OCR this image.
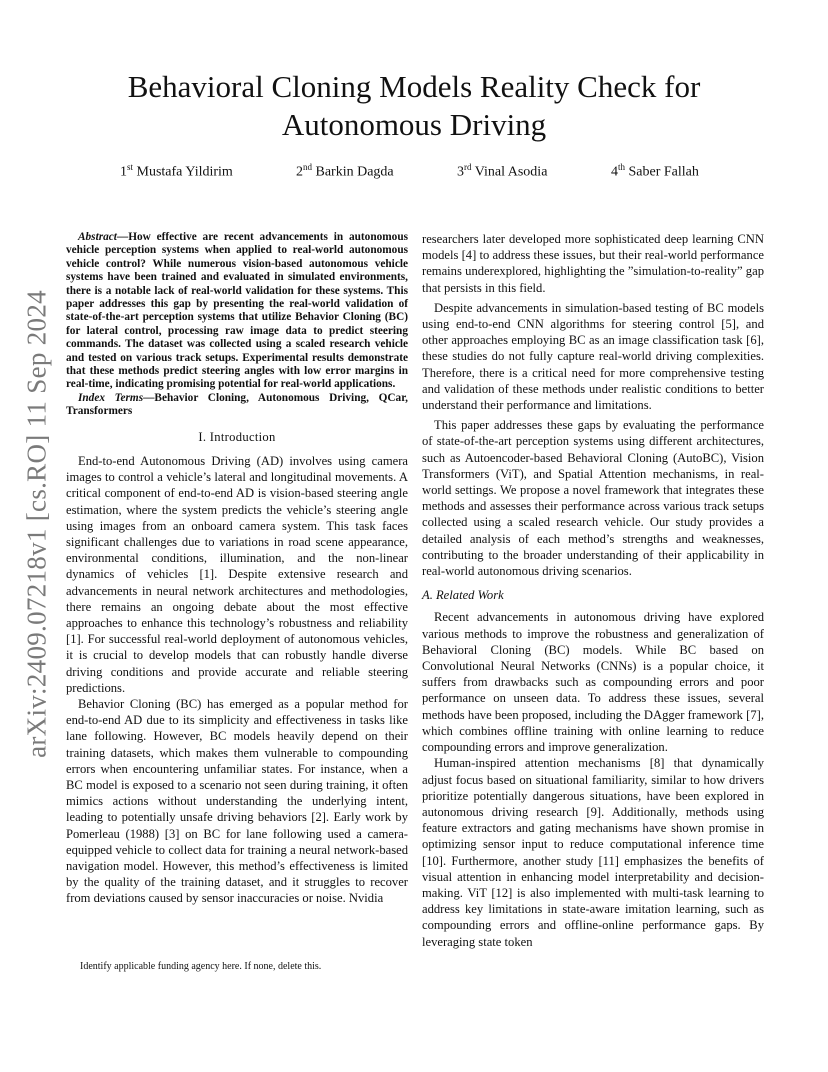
arXiv:2409.07218v1 [cs.RO] 11 Sep 2024
Behavioral Cloning Models Reality Check for Autonomous Driving
1st Mustafa Yildirim	2nd Barkin Dagda	3rd Vinal Asodia	4th Saber Fallah

Abstract—How effective are recent advancements in autonomous vehicle perception systems when applied to real-world autonomous vehicle control? While numerous vision-based autonomous vehicle systems have been trained and evaluated in simulated environments, there is a notable lack of real-world validation for these systems. This paper addresses this gap by presenting the real-world validation of state-of-the-art perception systems that utilize Behavior Cloning (BC) for lateral control, processing raw image data to predict steering commands. The dataset was collected using a scaled research vehicle and tested on various track setups. Experimental results demonstrate that these methods predict steering angles with low error margins in real-time, indicating promising potential for real-world applications.

Index Terms—Behavior Cloning, Autonomous Driving, QCar, Transformers

I. Introduction

End-to-end Autonomous Driving (AD) involves using camera images to control a vehicle’s lateral and longitudinal movements. A critical component of end-to-end AD is vision-based steering angle estimation, where the system predicts the vehicle’s steering angle using images from an onboard camera system. This task faces significant challenges due to variations in road scene appearance, environmental conditions, illumination, and the non-linear dynamics of vehicles [1]. Despite extensive research and advancements in neural network architectures and methodologies, there remains an ongoing debate about the most effective approaches to enhance this technology’s robustness and reliability [1]. For successful real-world deployment of autonomous vehicles, it is crucial to develop models that can robustly handle diverse driving conditions and provide accurate and reliable steering predictions.

Behavior Cloning (BC) has emerged as a popular method for end-to-end AD due to its simplicity and effectiveness in tasks like lane following. However, BC models heavily depend on their training datasets, which makes them vulnerable to compounding errors when encountering unfamiliar states. For instance, when a BC model is exposed to a scenario not seen during training, it often mimics actions without understanding the underlying intent, leading to potentially unsafe driving behaviors [2]. Early work by Pomerleau (1988) [3] on BC for lane following used a camera-equipped vehicle to collect data for training a neural network-based navigation model. However, this method’s effectiveness is limited by the quality of the training dataset, and it struggles to recover from deviations caused by sensor inaccuracies or noise. Nvidia

researchers later developed more sophisticated deep learning CNN models [4] to address these issues, but their real-world performance remains underexplored, highlighting the ”simulation-to-reality” gap that persists in this field.

Despite advancements in simulation-based testing of BC models using end-to-end CNN algorithms for steering control [5], and other approaches employing BC as an image classification task [6], these studies do not fully capture real-world driving complexities. Therefore, there is a critical need for more comprehensive testing and validation of these methods under realistic conditions to better understand their performance and limitations.

This paper addresses these gaps by evaluating the performance of state-of-the-art perception systems using different architectures, such as Autoencoder-based Behavioral Cloning (AutoBC), Vision Transformers (ViT), and Spatial Attention mechanisms, in real-world settings. We propose a novel framework that integrates these methods and assesses their performance across various track setups collected using a scaled research vehicle. Our study provides a detailed analysis of each method’s strengths and weaknesses, contributing to the broader understanding of their applicability in real-world autonomous driving scenarios.

A. Related Work

Recent advancements in autonomous driving have explored various methods to improve the robustness and generalization of Behavioral Cloning (BC) models. While BC based on Convolutional Neural Networks (CNNs) is a popular choice, it suffers from drawbacks such as compounding errors and poor performance on unseen data. To address these issues, several methods have been proposed, including the DAgger framework [7], which combines offline training with online learning to reduce compounding errors and improve generalization.

Human-inspired attention mechanisms [8] that dynamically adjust focus based on situational familiarity, similar to how drivers prioritize potentially dangerous situations, have been explored in autonomous driving research [9]. Additionally, methods using feature extractors and gating mechanisms have shown promise in optimizing sensor input to reduce computational inference time [10]. Furthermore, another study [11] emphasizes the benefits of visual attention in enhancing model interpretability and decision-making. ViT [12] is also implemented with multi-task learning to address key limitations in state-aware imitation learning, such as compounding errors and offline-online performance gaps. By leveraging state token

Identify applicable funding agency here. If none, delete this.
